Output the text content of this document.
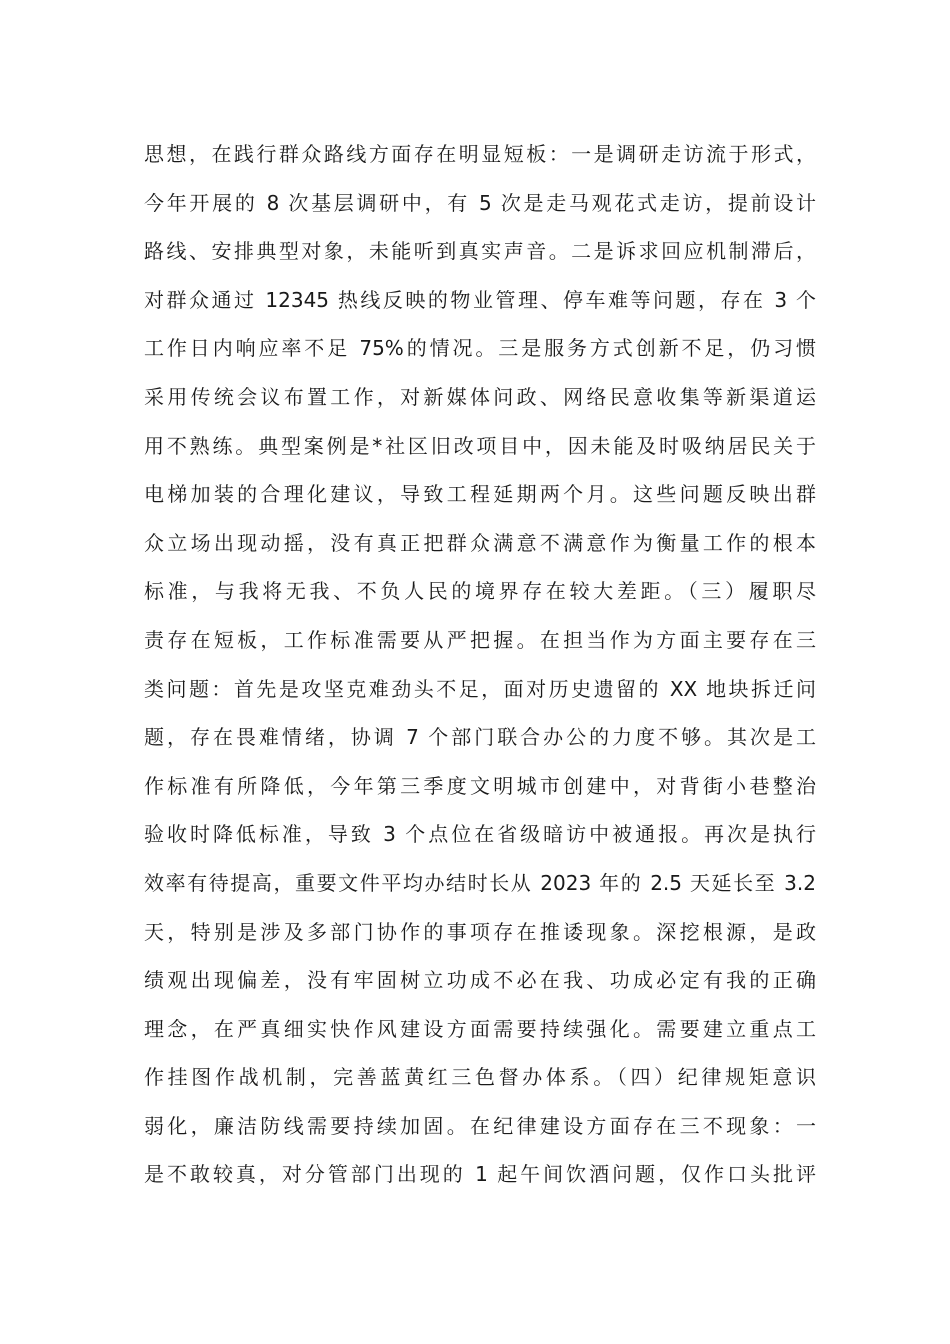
思想，在践行群众路线方面存在明显短板：一是调研走访流于形式，
今年开展的 8 次基层调研中，有 5 次是走马观花式走访，提前设计
路线、安排典型对象，未能听到真实声音。二是诉求回应机制滞后，
对群众通过 12345 热线反映的物业管理、停车难等问题，存在 3 个
工作日内响应率不足 75%的情况。三是服务方式创新不足，仍习惯
采用传统会议布置工作，对新媒体问政、网络民意收集等新渠道运
用不熟练。典型案例是*社区旧改项目中，因未能及时吸纳居民关于
电梯加装的合理化建议，导致工程延期两个月。这些问题反映出群
众立场出现动摇，没有真正把群众满意不满意作为衡量工作的根本
标准，与我将无我、不负人民的境界存在较大差距。（三）履职尽
责存在短板，工作标准需要从严把握。在担当作为方面主要存在三
类问题：首先是攻坚克难劲头不足，面对历史遗留的 XX 地块拆迁问
题，存在畏难情绪，协调 7 个部门联合办公的力度不够。其次是工
作标准有所降低，今年第三季度文明城市创建中，对背街小巷整治
验收时降低标准，导致 3 个点位在省级暗访中被通报。再次是执行
效率有待提高，重要文件平均办结时长从 2023 年的 2.5 天延长至 3.2
天，特别是涉及多部门协作的事项存在推诿现象。深挖根源，是政
绩观出现偏差，没有牢固树立功成不必在我、功成必定有我的正确
理念，在严真细实快作风建设方面需要持续强化。需要建立重点工
作挂图作战机制，完善蓝黄红三色督办体系。（四）纪律规矩意识
弱化，廉洁防线需要持续加固。在纪律建设方面存在三不现象：一
是不敢较真，对分管部门出现的 1 起午间饮酒问题，仅作口头批评
